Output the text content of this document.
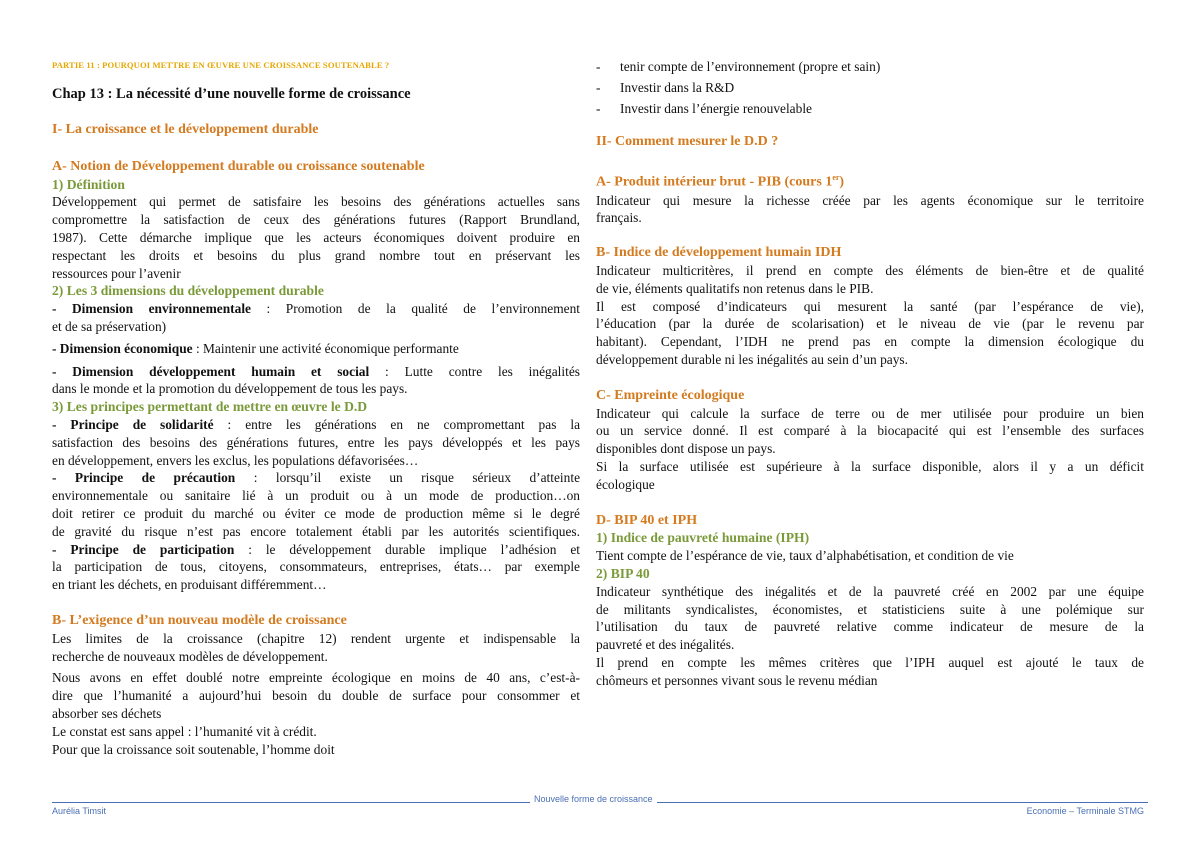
PARTIE 11 : POURQUOI METTRE EN ŒUVRE UNE CROISSANCE SOUTENABLE ?

Chap 13 : La nécessité d’une nouvelle forme de croissance

I- La croissance et le développement durable

A- Notion de Développement durable ou croissance soutenable

1) Définition

Développement qui permet de satisfaire les besoins des générations actuelles sans

compromettre la satisfaction de ceux des générations futures (Rapport Brundland,

1987). Cette démarche implique que les acteurs économiques doivent produire en

respectant les droits et besoins du plus grand nombre tout en préservant les

ressources pour l’avenir

2) Les 3 dimensions du développement durable

- Dimension environnementale : Promotion de la qualité de l’environnement

et de sa préservation)

- Dimension économique : Maintenir une activité économique performante

- Dimension développement humain et social : Lutte contre les inégalités

dans le monde et la promotion du développement de tous les pays.

3) Les principes permettant de mettre en œuvre le D.D

- Principe de solidarité : entre les générations en ne compromettant pas la

satisfaction des besoins des générations futures, entre les pays développés et les pays

en développement, envers les exclus, les populations défavorisées…

- Principe de précaution : lorsqu’il existe un risque sérieux d’atteinte

environnementale ou sanitaire lié à un produit ou à un mode de production…on

doit retirer ce produit du marché ou éviter ce mode de production même si le degré

de gravité du risque n’est pas encore totalement établi par les autorités scientifiques.

- Principe de participation : le développement durable implique l’adhésion et

la participation de tous, citoyens, consommateurs, entreprises, états… par exemple

en triant les déchets, en produisant différemment…

B- L’exigence d’un nouveau modèle de croissance

Les limites de la croissance (chapitre 12) rendent urgente et indispensable la

recherche de nouveaux modèles de développement.

Nous avons en effet doublé notre empreinte écologique en moins de 40 ans, c’est-à-

dire que l’humanité a aujourd’hui besoin du double de surface pour consommer et

absorber ses déchets

Le constat est sans appel : l’humanité vit à crédit.

Pour que la croissance soit soutenable, l’homme doit

- tenir compte de l’environnement (propre et sain)

- Investir dans la R&D

- Investir dans l’énergie renouvelable

II- Comment mesurer le D.D ?

A- Produit intérieur brut - PIB (cours 1er)

Indicateur qui mesure la richesse créée par les agents économique sur le territoire

français.

B- Indice de développement humain IDH

Indicateur multicritères, il prend en compte des éléments de bien-être et de qualité

de vie, éléments qualitatifs non retenus dans le PIB.

Il est composé d’indicateurs qui mesurent la santé (par l’espérance de vie),

l’éducation (par la durée de scolarisation) et le niveau de vie (par le revenu par

habitant). Cependant, l’IDH ne prend pas en compte la dimension écologique du

développement durable ni les inégalités au sein d’un pays.

C- Empreinte écologique

Indicateur qui calcule la surface de terre ou de mer utilisée pour produire un bien

ou un service donné. Il est comparé à la biocapacité qui est l’ensemble des surfaces

disponibles dont dispose un pays.

Si la surface utilisée est supérieure à la surface disponible, alors il y a un déficit

écologique

D- BIP 40 et IPH

1) Indice de pauvreté humaine (IPH)

Tient compte de l’espérance de vie, taux d’alphabétisation, et condition de vie

2) BIP 40

Indicateur synthétique des inégalités et de la pauvreté créé en 2002 par une équipe

de militants syndicalistes, économistes, et statisticiens suite à une polémique sur

l’utilisation du taux de pauvreté relative comme indicateur de mesure de la

pauvreté et des inégalités.

Il prend en compte les mêmes critères que l’IPH auquel est ajouté le taux de

chômeurs et personnes vivant sous le revenu médian

Nouvelle forme de croissance
Aurélia Timsit	Economie – Terminale STMG
